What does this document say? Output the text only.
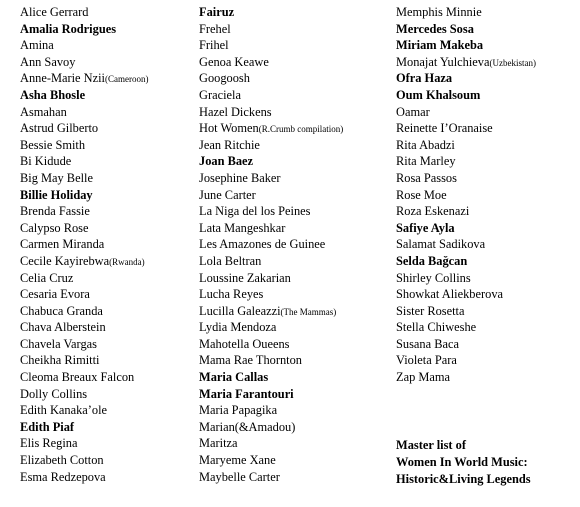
Alice Gerrard
Amalia Rodrigues
Amina
Ann Savoy
Anne-Marie Nzii(Cameroon)
Asha Bhosle
Asmahan
Astrud Gilberto
Bessie Smith
Bi Kidude
Big May Belle
Billie Holiday
Brenda Fassie
Calypso Rose
Carmen Miranda
Cecile Kayirebwa(Rwanda)
Celia Cruz
Cesaria Evora
Chabuca Granda
Chava Alberstein
Chavela Vargas
Cheikha Rimitti
Cleoma Breaux Falcon
Dolly Collins
Edith Kanaka’ole
Edith Piaf
Elis Regina
Elizabeth Cotton
Esma Redzepova
Fairuz
Frehel
Frihel
Genoa Keawe
Googoosh
Graciela
Hazel Dickens
Hot Women(R.Crumb compilation)
Jean Ritchie
Joan Baez
Josephine Baker
June Carter
La Niga del los Peines
Lata Mangeshkar
Les Amazones de Guinee
Lola Beltran
Loussine Zakarian
Lucha Reyes
Lucilla Galeazzi(The Mammas)
Lydia Mendoza
Mahotella Oueens
Mama Rae Thornton
Maria Callas
Maria Farantouri
Maria Papagika
Marian(&Amadou)
Maritza
Maryeme Xane
Maybelle Carter
Memphis Minnie
Mercedes Sosa
Miriam Makeba
Monajat Yulchieva(Uzbekistan)
Ofra Haza
Oum Khalsoum
Oamar
Reinette I’Oranaise
Rita Abadzi
Rita Marley
Rosa Passos
Rose Moe
Roza Eskenazi
Safiye Ayla
Salamat Sadikova
Selda Bağcan
Shirley Collins
Showkat Aliekberova
Sister Rosetta
Stella Chiweshe
Susana Baca
Violeta Para
Zap Mama
Master list of
Women In World Music:
Historic&Living Legends
